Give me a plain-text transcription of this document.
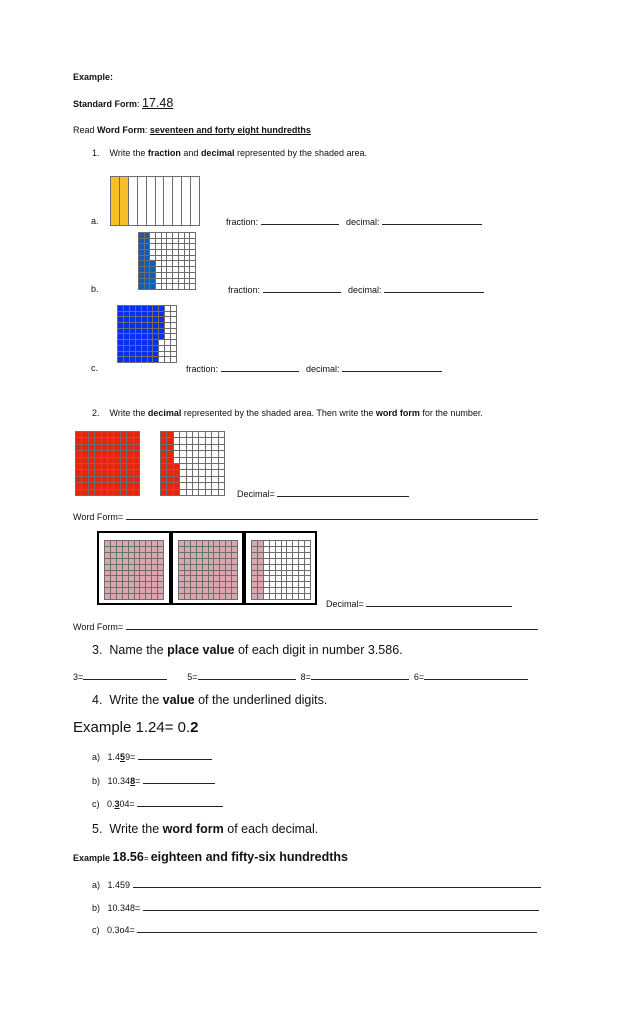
Example:
Standard Form: 17.48
Read Word Form: seventeen and forty eight hundredths
1. Write the fraction and decimal represented by the shaded area.
a.	fraction:	decimal:
b.	fraction:	decimal:
c.	fraction:	decimal:
2. Write the decimal represented by the shaded area. Then write the word form for the number.
Decimal=
Word Form=
Decimal=
Word Form=
3. Name the place value of each digit in number 3.586.
3=	5=	8=	6=
4. Write the value of the underlined digits.
Example 1.24= 0.2
a) 1.459=
b) 10.348=
c) 0.304=
5. Write the word form of each decimal.
Example 18.56= eighteen and fifty-six hundredths
a) 1.459
b) 10.348=
c) 0.3o4=
